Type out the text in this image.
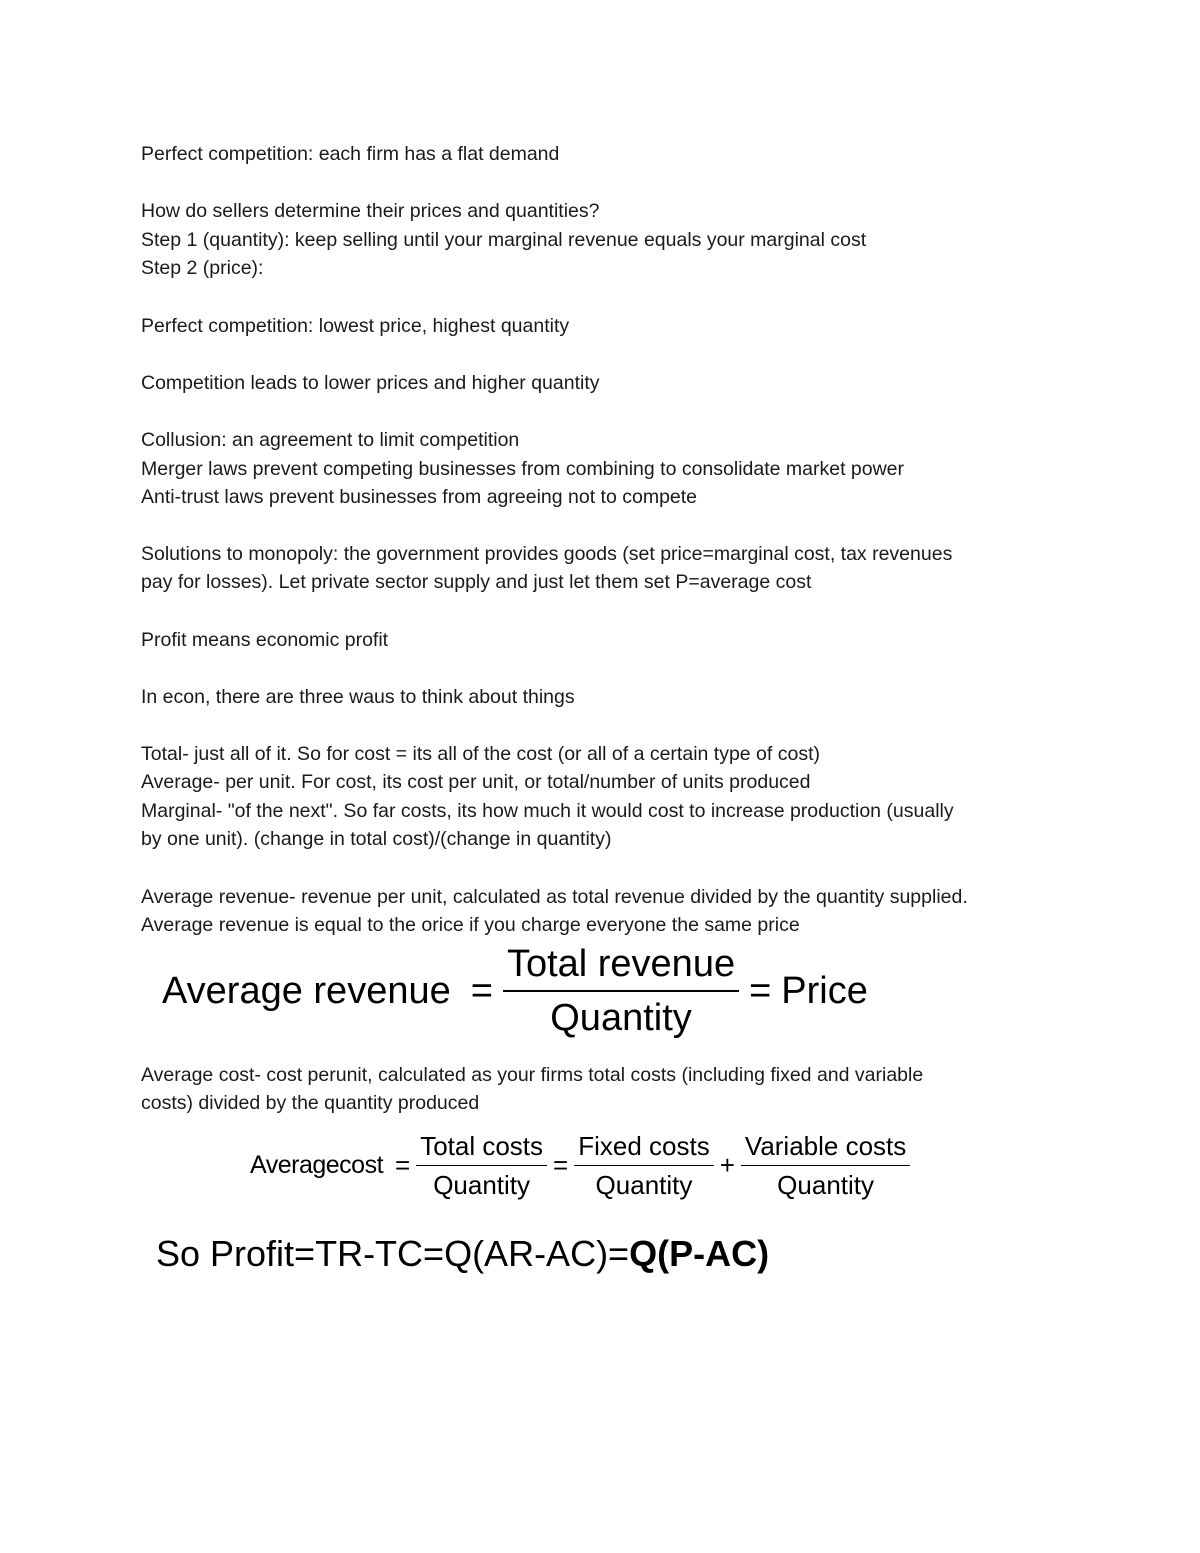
Perfect competition: each firm has a flat demand
How do sellers determine their prices and quantities?
Step 1 (quantity): keep selling until your marginal revenue equals your marginal cost
Step 2 (price):
Perfect competition: lowest price, highest quantity
Competition leads to lower prices and higher quantity
Collusion: an agreement to limit competition
Merger laws prevent competing businesses from combining to consolidate market power
Anti-trust laws prevent businesses from agreeing not to compete
Solutions to monopoly: the government provides goods (set price=marginal cost, tax revenues
pay for losses). Let private sector supply and just let them set P=average cost
Profit means economic profit
In econ, there are three waus to think about things
Total- just all of it. So for cost = its all of the cost (or all of a certain type of cost)
Average- per unit. For cost, its cost per unit, or total/number of units produced
Marginal- "of the next". So far costs, its how much it would cost to increase production (usually
by one unit). (change in total cost)/(change in quantity)
Average revenue- revenue per unit, calculated as total revenue divided by the quantity supplied.
Average revenue is equal to the orice if you charge everyone the same price
Average revenue = $\frac{\text{Total revenue}}{\text{Quantity}}$ = Price
Average cost- cost perunit, calculated as your firms total costs (including fixed and variable
costs) divided by the quantity produced
Averagecost = $\frac{\text{Total costs}}{\text{Quantity}} = \frac{\text{Fixed costs}}{\text{Quantity}} + \frac{\text{Variable costs}}{\text{Quantity}}$
So Profit=TR-TC=Q(AR-AC)=Q(P-AC)
